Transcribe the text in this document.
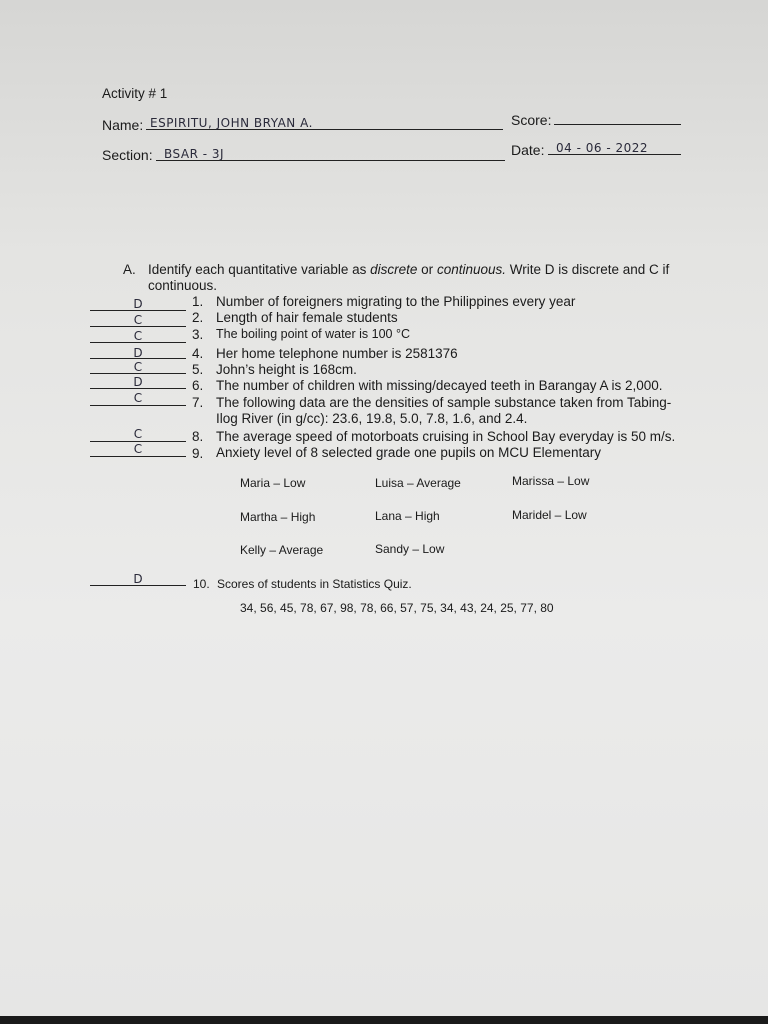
Activity # 1
Name: ESPIRITU, JOHN BRYAN A.	Score:
Section: BSAR - 3J	Date: 04 - 06 - 2022
A. Identify each quantitative variable as discrete or continuous. Write D is discrete and C if
continuous.
D	1. Number of foreigners migrating to the Philippines every year
C	2. Length of hair female students
C	3. The boiling point of water is 100 °C
D	4. Her home telephone number is 2581376
C	5. John’s height is 168cm.
D	6. The number of children with missing/decayed teeth in Barangay A is 2,000.
C	7. The following data are the densities of sample substance taken from Tabing-
Ilog River (in g/cc): 23.6, 19.8, 5.0, 7.8, 1.6, and 2.4.
C	8. The average speed of motorboats cruising in School Bay everyday is 50 m/s.
C	9. Anxiety level of 8 selected grade one pupils on MCU Elementary
Maria – Low	Luisa – Average	Marissa – Low
Martha – High	Lana – High	Maridel – Low
Kelly – Average	Sandy – Low
D	10. Scores of students in Statistics Quiz.
34, 56, 45, 78, 67, 98, 78, 66, 57, 75, 34, 43, 24, 25, 77, 80
